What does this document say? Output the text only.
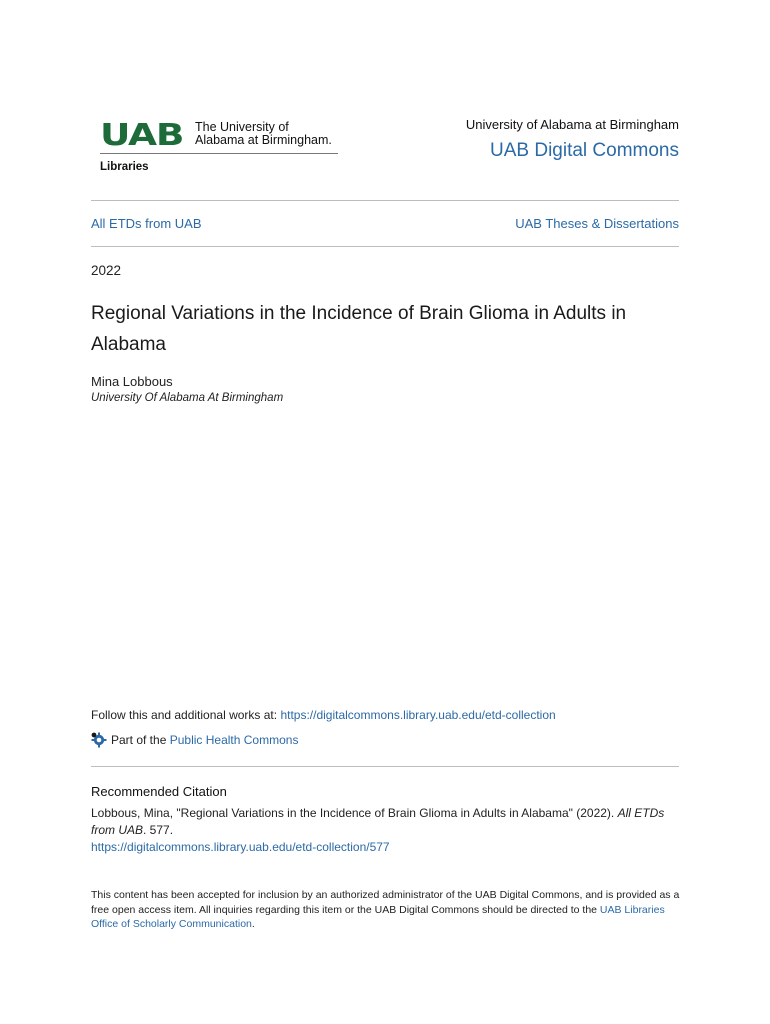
UAB The University of
Alabama at Birmingham.
Libraries
University of Alabama at Birmingham
UAB Digital Commons
All ETDs from UAB	UAB Theses & Dissertations
2022
Regional Variations in the Incidence of Brain Glioma in Adults in Alabama
Mina Lobbous
University Of Alabama At Birmingham
Follow this and additional works at: https://digitalcommons.library.uab.edu/etd-collection
Part of the
Public Health Commons
Recommended Citation
Lobbous, Mina, "Regional Variations in the Incidence of Brain Glioma in Adults in Alabama" (2022). All ETDs from UAB. 577.
https://digitalcommons.library.uab.edu/etd-collection/577
This content has been accepted for inclusion by an authorized administrator of the UAB Digital Commons, and is provided as a free open access item. All inquiries regarding this item or the UAB Digital Commons should be directed to the UAB Libraries Office of Scholarly Communication.
